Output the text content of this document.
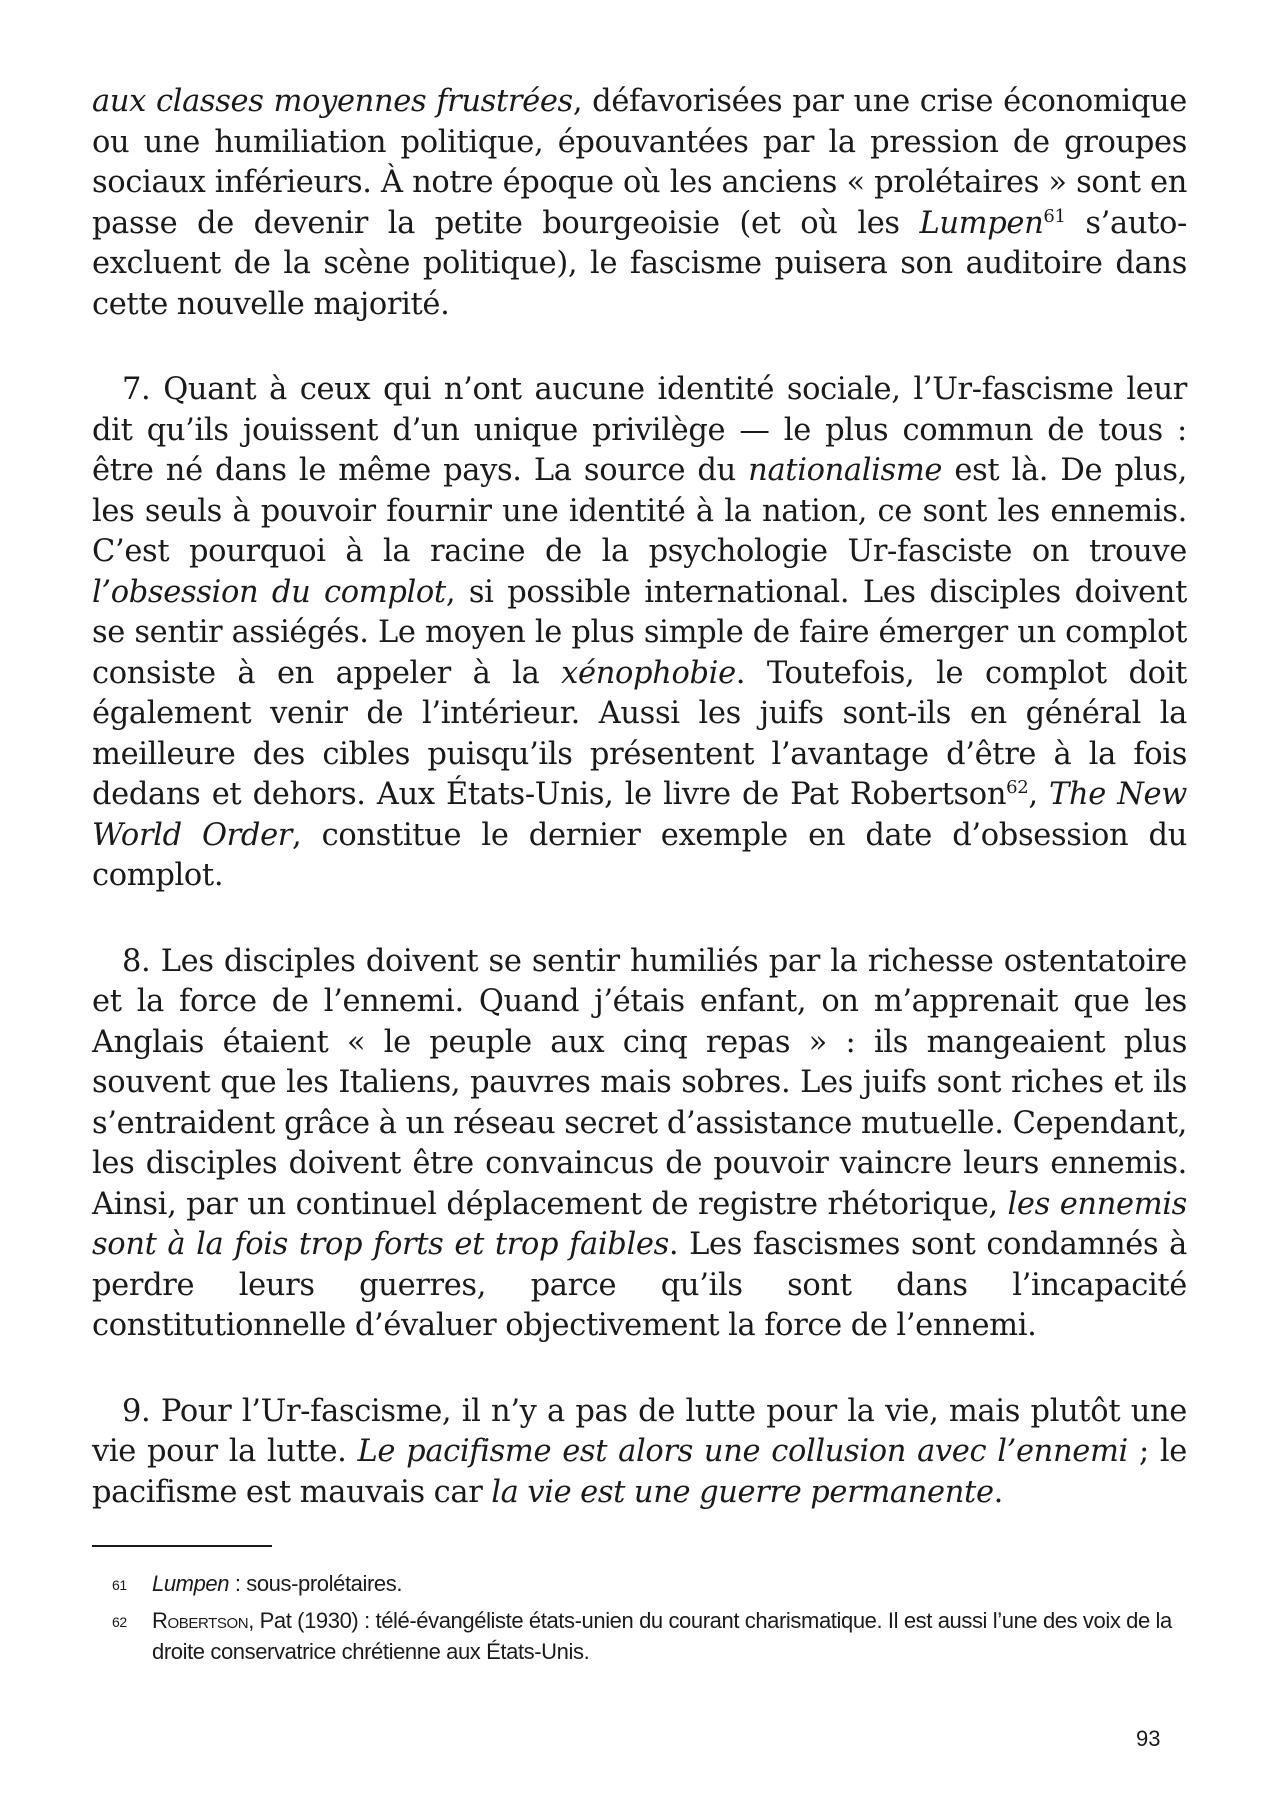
aux classes moyennes frustrées, défavorisées par une crise économique ou une humiliation politique, épouvantées par la pression de groupes sociaux inférieurs. À notre époque où les anciens « prolétaires » sont en passe de devenir la petite bourgeoisie (et où les Lumpen$^{61}$ s’auto-excluent de la scène politique), le fascisme puisera son auditoire dans cette nouvelle majorité.

7. Quant à ceux qui n’ont aucune identité sociale, l’Ur-fascisme leur dit qu’ils jouissent d’un unique privilège — le plus commun de tous : être né dans le même pays. La source du nationalisme est là. De plus, les seuls à pouvoir fournir une identité à la nation, ce sont les ennemis. C’est pourquoi à la racine de la psychologie Ur-fasciste on trouve l’obsession du complot, si possible international. Les disciples doivent se sentir assiégés. Le moyen le plus simple de faire émerger un complot consiste à en appeler à la xénophobie. Toutefois, le complot doit également venir de l’intérieur. Aussi les juifs sont-ils en général la meilleure des cibles puisqu’ils présentent l’avantage d’être à la fois dedans et dehors. Aux États-Unis, le livre de Pat Robertson$^{62}$, The New World Order, constitue le dernier exemple en date d’obsession du complot.

8. Les disciples doivent se sentir humiliés par la richesse ostentatoire et la force de l’ennemi. Quand j’étais enfant, on m’apprenait que les Anglais étaient « le peuple aux cinq repas » : ils mangeaient plus souvent que les Italiens, pauvres mais sobres. Les juifs sont riches et ils s’entraident grâce à un réseau secret d’assistance mutuelle. Cependant, les disciples doivent être convaincus de pouvoir vaincre leurs ennemis. Ainsi, par un continuel déplacement de registre rhétorique, les ennemis sont à la fois trop forts et trop faibles. Les fascismes sont condamnés à perdre leurs guerres, parce qu’ils sont dans l’incapacité constitutionnelle d’évaluer objectivement la force de l’ennemi.

9. Pour l’Ur-fascisme, il n’y a pas de lutte pour la vie, mais plutôt une vie pour la lutte. Le pacifisme est alors une collusion avec l’ennemi ; le pacifisme est mauvais car la vie est une guerre permanente.

61 Lumpen : sous-prolétaires.
62 Robertson, Pat (1930) : télé-évangéliste états-unien du courant charismatique. Il est aussi l’une des voix de la droite conservatrice chrétienne aux États-Unis.
93
